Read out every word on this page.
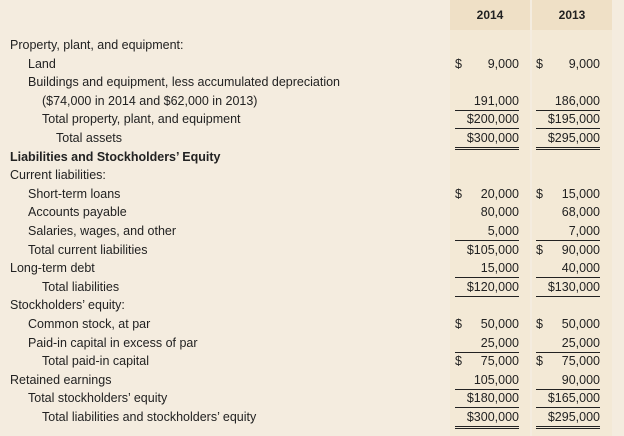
2014	2013
Property, plant, and equipment:
Land	$ 9,000 $ 9,000
Buildings and equipment, less accumulated depreciation
($74,000 in 2014 and $62,000 in 2013)	191,000	186,000
Total property, plant, and equipment	$200,000 $195,000
Total assets	$300,000 $295,000
Liabilities and Stockholders’ Equity
Current liabilities:
Short-term loans	$ 20,000 $ 15,000
Accounts payable	80,000	68,000
Salaries, wages, and other	5,000	7,000
Total current liabilities	$105,000 $ 90,000
Long-term debt	15,000	40,000
Total liabilities	$120,000 $130,000
Stockholders’ equity:
Common stock, at par	$ 50,000 $ 50,000
Paid-in capital in excess of par	25,000	25,000
Total paid-in capital	$ 75,000 $ 75,000
Retained earnings	105,000	90,000
Total stockholders’ equity	$180,000 $165,000
Total liabilities and stockholders’ equity	$300,000 $295,000
